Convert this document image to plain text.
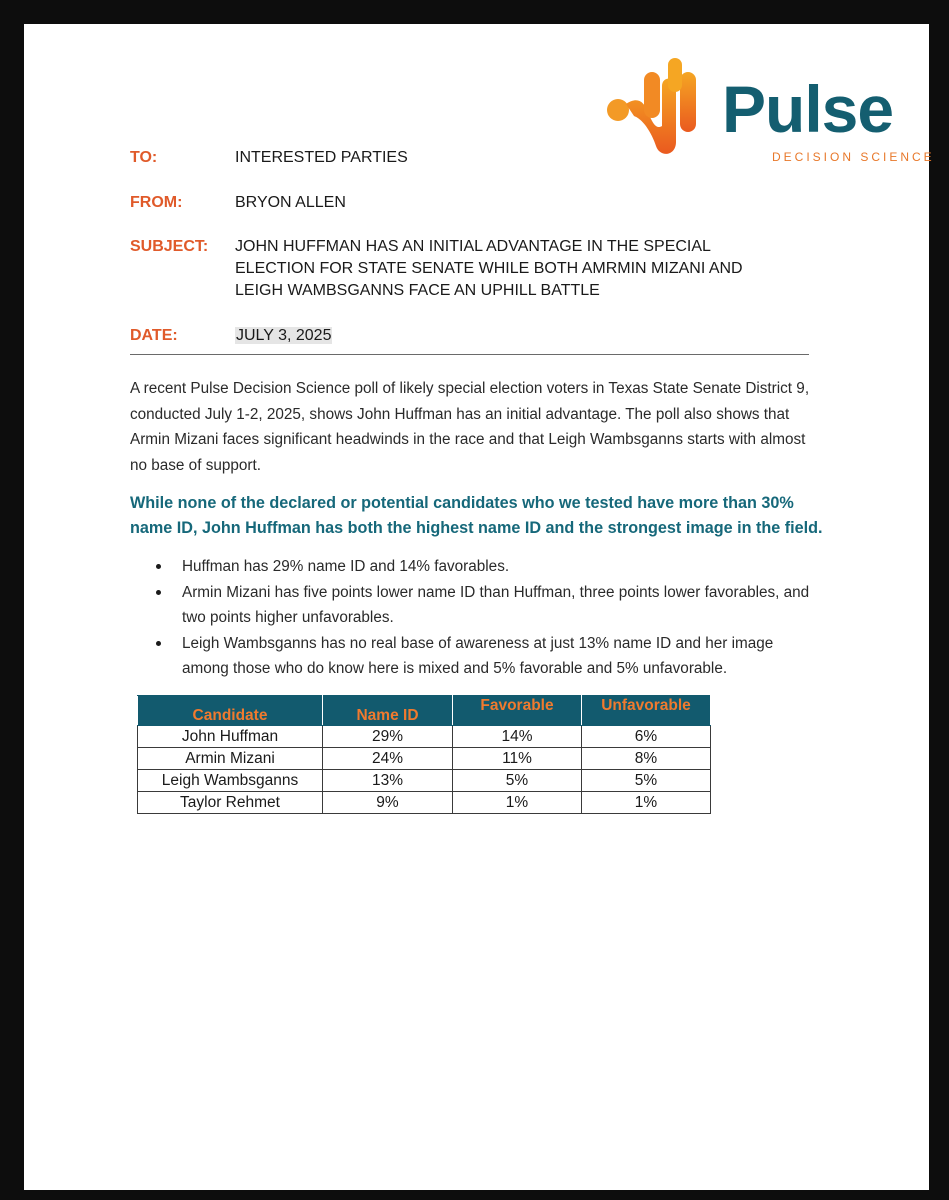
Pulse
DECISION SCIENCE
TO:	INTERESTED PARTIES
FROM:	BRYON ALLEN
SUBJECT: JOHN HUFFMAN HAS AN INITIAL ADVANTAGE IN THE SPECIAL ELECTION FOR STATE SENATE WHILE BOTH AMRMIN MIZANI AND LEIGH WAMBSGANNS FACE AN UPHILL BATTLE
DATE:	JULY 3, 2025
A recent Pulse Decision Science poll of likely special election voters in Texas State Senate District 9, conducted July 1-2, 2025, shows John Huffman has an initial advantage. The poll also shows that Armin Mizani faces significant headwinds in the race and that Leigh Wambsganns starts with almost no base of support.
While none of the declared or potential candidates who we tested have more than 30% name ID, John Huffman has both the highest name ID and the strongest image in the field.
Huffman has 29% name ID and 14% favorables.
Armin Mizani has five points lower name ID than Huffman, three points lower favorables, and two points higher unfavorables.
Leigh Wambsganns has no real base of awareness at just 13% name ID and her image among those who do know here is mixed and 5% favorable and 5% unfavorable.
Candidate	Name ID	Favorable	Unfavorable
John Huffman	29%	14%	6%
Armin Mizani	24%	11%	8%
Leigh Wambsganns	13%	5%	5%
Taylor Rehmet	9%	1%	1%
